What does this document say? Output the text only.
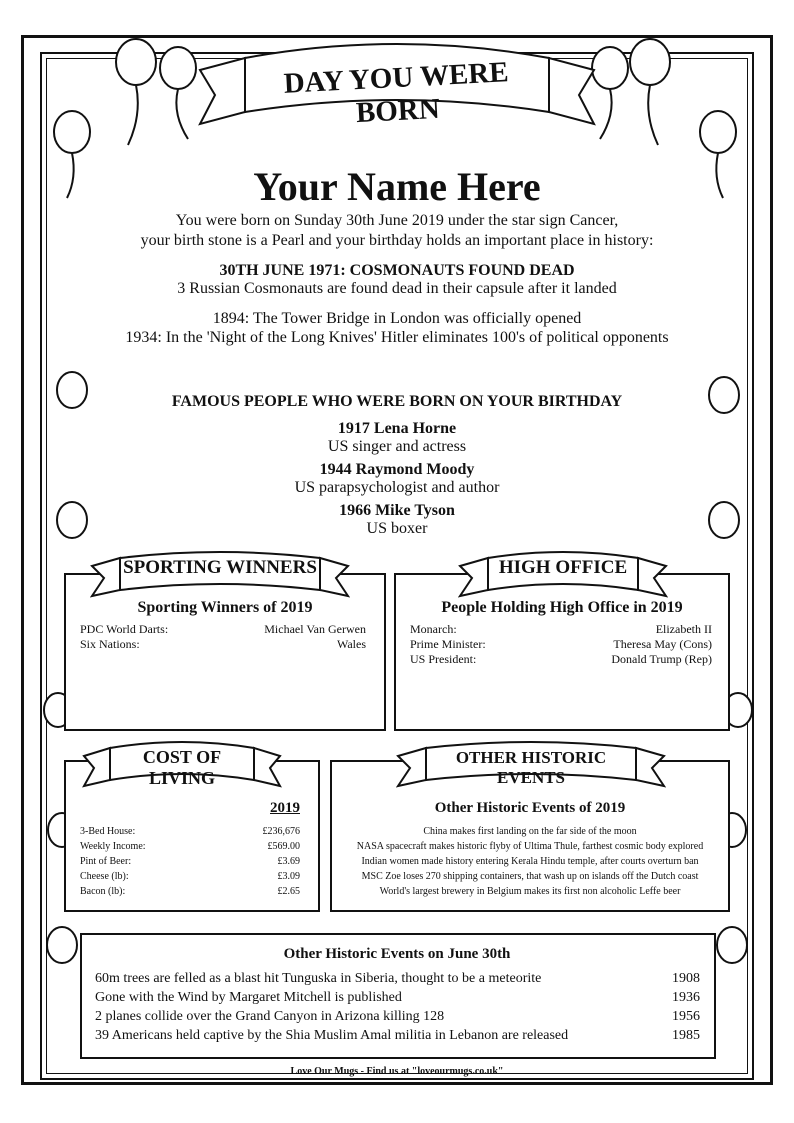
DAY YOU WERE BORN
Your Name Here
You were born on Sunday 30th June 2019 under the star sign Cancer,
your birth stone is a Pearl and your birthday holds an important place in history:
30TH JUNE 1971: COSMONAUTS FOUND DEAD
3 Russian Cosmonauts are found dead in their capsule after it landed
1894: The Tower Bridge in London was officially opened
1934: In the 'Night of the Long Knives' Hitler eliminates 100's of political opponents
FAMOUS PEOPLE WHO WERE BORN ON YOUR BIRTHDAY
1917 Lena Horne
US singer and actress
1944 Raymond Moody
US parapsychologist and author
1966 Mike Tyson
US boxer
Sporting Winners of 2019
PDC World Darts:	Michael Van Gerwen
Six Nations:	Wales
SPORTING WINNERS
People Holding High Office in 2019
Monarch:	Elizabeth II
Prime Minister:	Theresa May (Cons)
US President:	Donald Trump (Rep)
HIGH OFFICE
2019
3-Bed House:	£236,676
Weekly Income:	£569.00
Pint of Beer:	£3.69
Cheese (lb):	£3.09
Bacon (lb):	£2.65
COST OF LIVING
Other Historic Events of 2019
China makes first landing on the far side of the moon
NASA spacecraft makes historic flyby of Ultima Thule, farthest cosmic body explored
Indian women made history entering Kerala Hindu temple, after courts overturn ban
MSC Zoe loses 270 shipping containers, that wash up on islands off the Dutch coast
World's largest brewery in Belgium makes its first non alcoholic Leffe beer
OTHER HISTORIC EVENTS
Other Historic Events on June 30th
60m trees are felled as a blast hit Tunguska in Siberia, thought to be a meteorite	1908
Gone with the Wind by Margaret Mitchell is published	1936
2 planes collide over the Grand Canyon in Arizona killing 128	1956
39 Americans held captive by the Shia Muslim Amal militia in Lebanon are released	1985
Love Our Mugs - Find us at "loveourmugs.co.uk"
